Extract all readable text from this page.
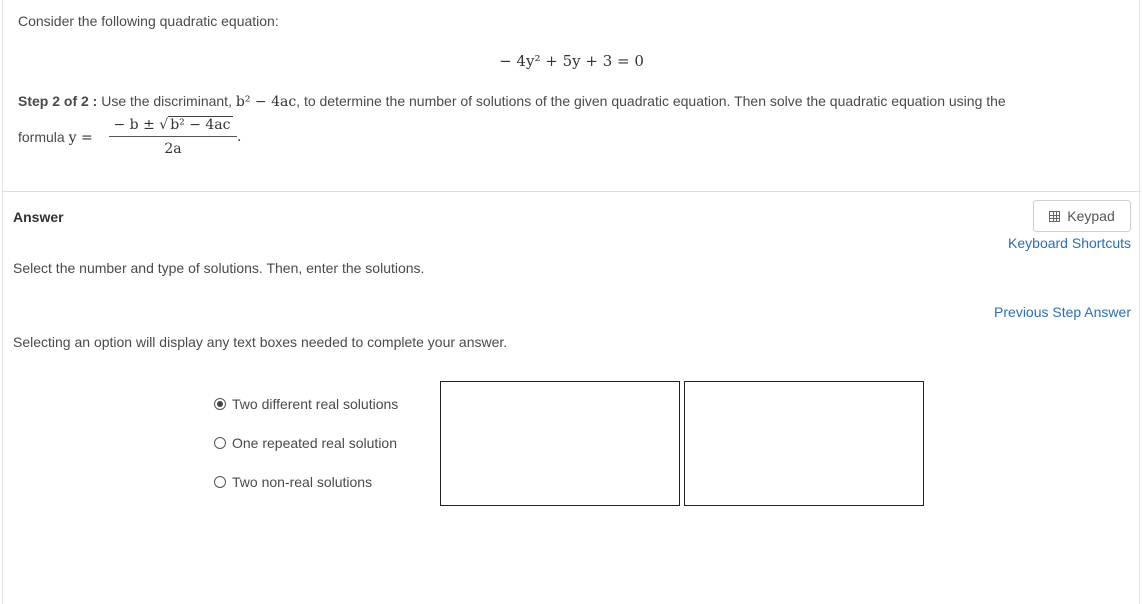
Consider the following quadratic equation:
− 4y² + 5y + 3 = 0
Step 2 of 2 : Use the discriminant, b² − 4ac, to determine the number of solutions of the given quadratic equation. Then solve the quadratic equation using the
formula y =
− b ± √ b² − 4ac
2a
.
Answer	Keypad
Keyboard Shortcuts
Previous Step Answer
Select the number and type of solutions. Then, enter the solutions.
Selecting an option will display any text boxes needed to complete your answer.
Two different real solutions
One repeated real solution
Two non-real solutions
